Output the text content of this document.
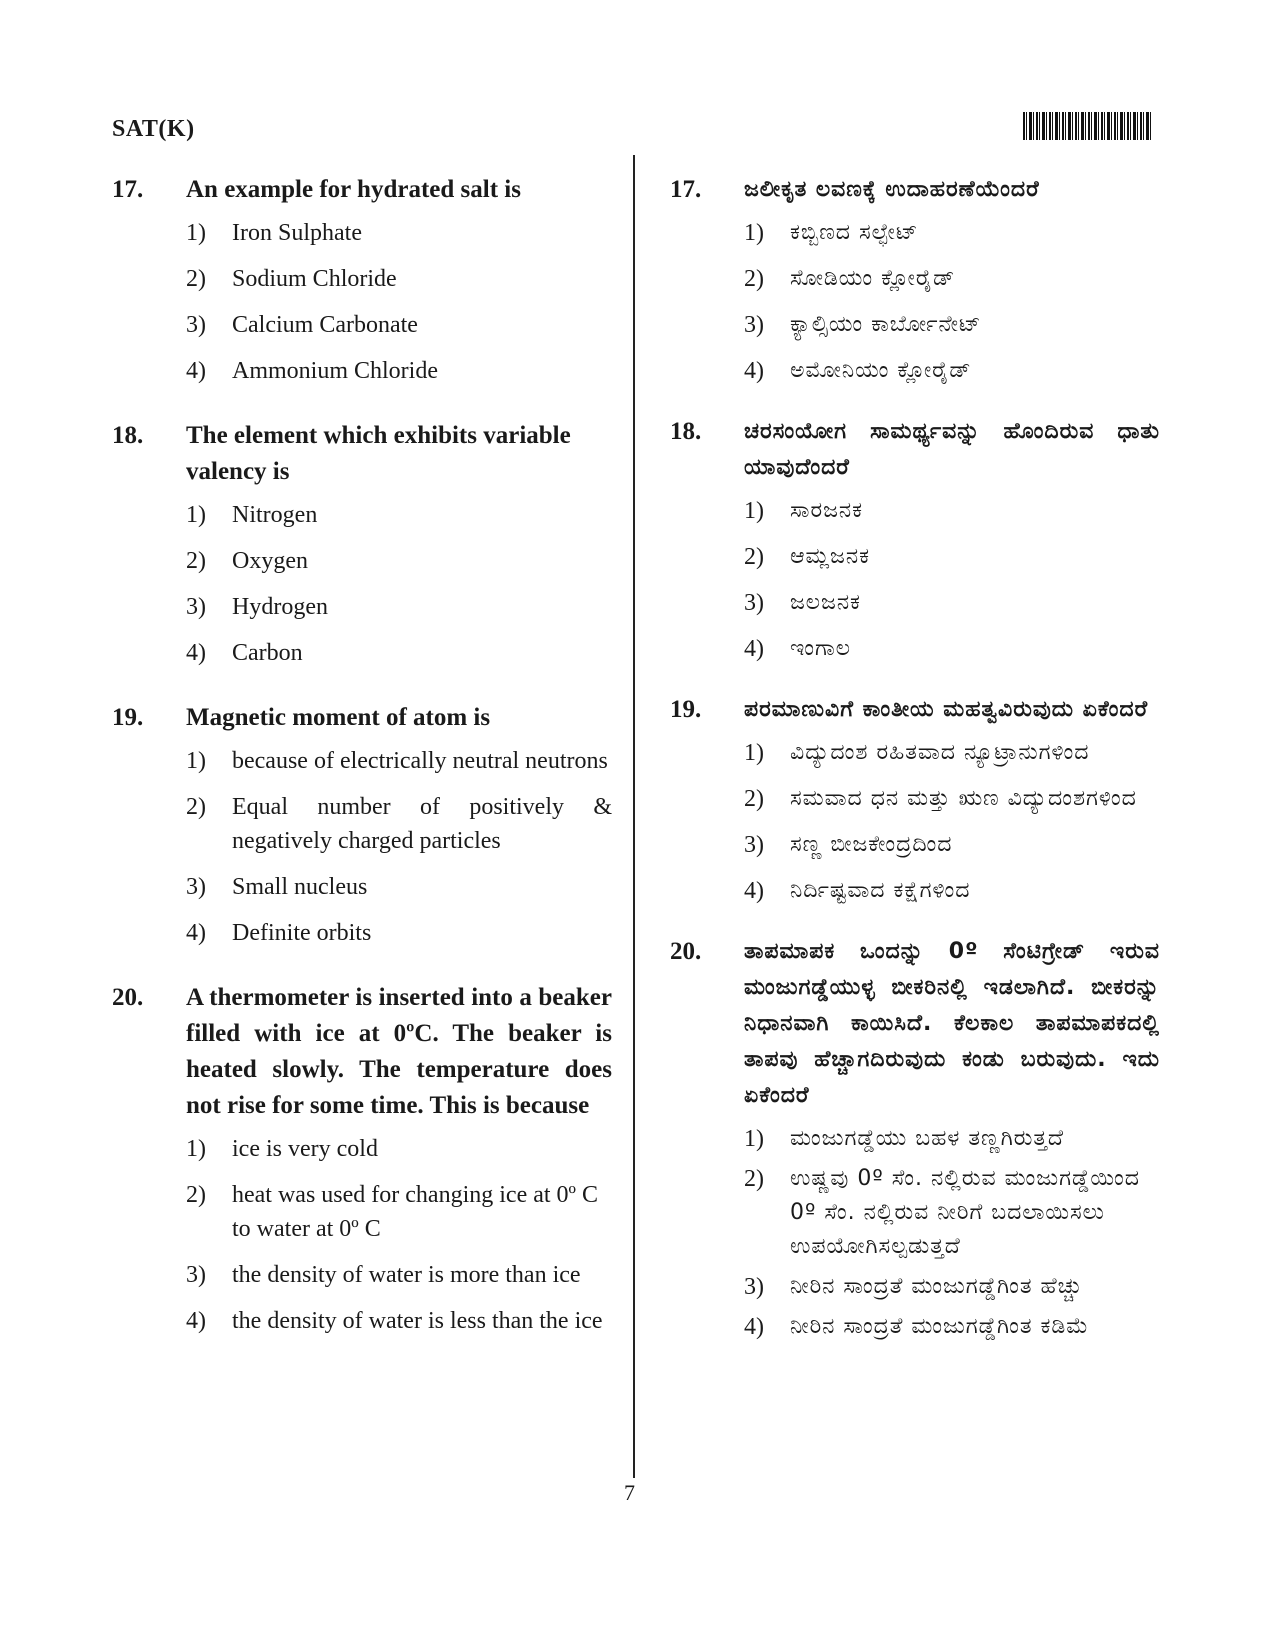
SAT(K)
17.	An example for hydrated salt is
1)	Iron Sulphate
2)	Sodium Chloride
3)	Calcium Carbonate
4)	Ammonium Chloride
18.	The element which exhibits variable valency is
1)	Nitrogen
2)	Oxygen
3)	Hydrogen
4)	Carbon
19.	Magnetic moment of atom is
1)	because of electrically neutral neutrons
2)	Equal number of positively & negatively charged particles
3)	Small nucleus
4)	Definite orbits
20.	A thermometer is inserted into a beaker filled with ice at 0ºC. The beaker is heated slowly. The temperature does not rise for some time. This is because
1)	ice is very cold
2)	heat was used for changing ice at 0º C to water at 0º C
3)	the density of water is more than ice
4)	the density of water is less than the ice
17.	ಜಲೀಕೃತ ಲವಣಕ್ಕೆ ಉದಾಹರಣೆಯೆಂದರೆ
1)	ಕಬ್ಬಿಣದ ಸಲ್ಫೇಟ್
2)	ಸೋಡಿಯಂ ಕ್ಲೋರೈಡ್
3)	ಕ್ಯಾಲ್ಸಿಯಂ ಕಾರ್ಬೋನೇಟ್
4)	ಅಮೋನಿಯಂ ಕ್ಲೋರೈಡ್
18.	ಚರಸಂಯೋಗ ಸಾಮರ್ಥ್ಯವನ್ನು ಹೊಂದಿರುವ ಧಾತು ಯಾವುದೆಂದರೆ
1)	ಸಾರಜನಕ
2)	ಆಮ್ಲಜನಕ
3)	ಜಲಜನಕ
4)	ಇಂಗಾಲ
19.	ಪರಮಾಣುವಿಗೆ ಕಾಂತೀಯ ಮಹತ್ವವಿರುವುದು ಏಕೆಂದರೆ
1)	ವಿದ್ಯುದಂಶ ರಹಿತವಾದ ನ್ಯೂಟ್ರಾನುಗಳಿಂದ
2)	ಸಮವಾದ ಧನ ಮತ್ತು ಋಣ ವಿದ್ಯುದಂಶಗಳಿಂದ
3)	ಸಣ್ಣ ಬೀಜಕೇಂದ್ರದಿಂದ
4)	ನಿರ್ದಿಷ್ಟವಾದ ಕಕ್ಷೆಗಳಿಂದ
20.	ತಾಪಮಾಪಕ ಒಂದನ್ನು 0º ಸೆಂಟಿಗ್ರೇಡ್ ಇರುವ ಮಂಜುಗಡ್ಡೆಯುಳ್ಳ ಬೀಕರಿನಲ್ಲಿ ಇಡಲಾಗಿದೆ. ಬೀಕರನ್ನು ನಿಧಾನವಾಗಿ ಕಾಯಿಸಿದೆ. ಕೆಲಕಾಲ ತಾಪಮಾಪಕದಲ್ಲಿ ತಾಪವು ಹೆಚ್ಚಾಗದಿರುವುದು ಕಂಡು ಬರುವುದು. ಇದು ಏಕೆಂದರೆ
1)	ಮಂಜುಗಡ್ಡೆಯು ಬಹಳ ತಣ್ಣಗಿರುತ್ತದೆ
2)	ಉಷ್ಣವು 0º ಸೆಂ. ನಲ್ಲಿರುವ ಮಂಜುಗಡ್ಡೆಯಿಂದ 0º ಸೆಂ. ನಲ್ಲಿರುವ ನೀರಿಗೆ ಬದಲಾಯಿಸಲು ಉಪಯೋಗಿಸಲ್ಪಡುತ್ತದೆ
3)	ನೀರಿನ ಸಾಂದ್ರತೆ ಮಂಜುಗಡ್ಡೆಗಿಂತ ಹೆಚ್ಚು
4)	ನೀರಿನ ಸಾಂದ್ರತೆ ಮಂಜುಗಡ್ಡೆಗಿಂತ ಕಡಿಮೆ
7
